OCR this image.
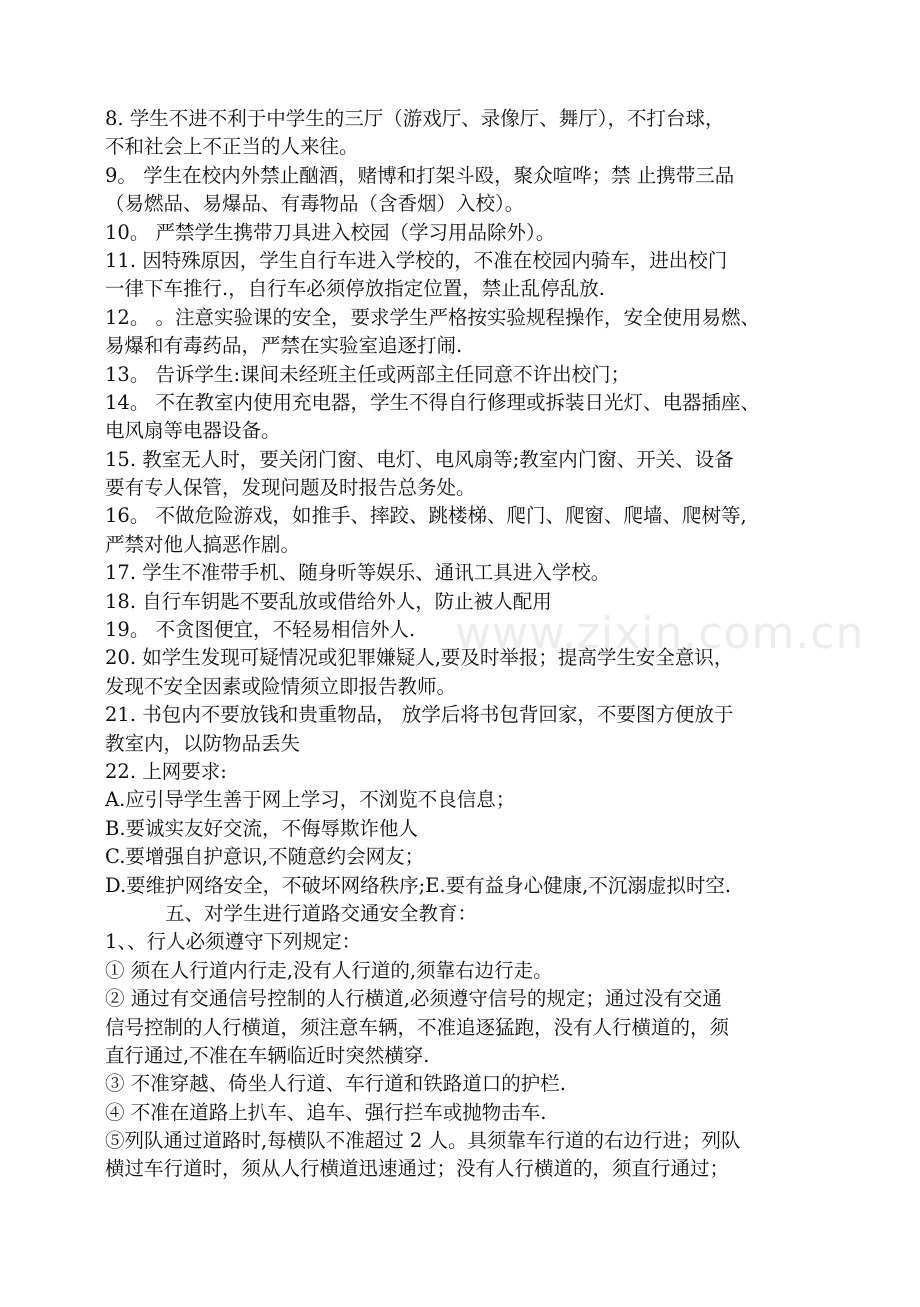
8. 学生不进不利于中学生的三厅（游戏厅、录像厅、舞厅），不打台球，
不和社会上不正当的人来往。
9。 学生在校内外禁止酗酒，赌博和打架斗殴，聚众喧哗；禁 止携带三品
（易燃品、易爆品、有毒物品（含香烟）入校）。
10。 严禁学生携带刀具进入校园（学习用品除外）。
11. 因特殊原因，学生自行车进入学校的，不准在校园内骑车，进出校门
一律下车推行.，自行车必须停放指定位置，禁止乱停乱放.
12。 。注意实验课的安全，要求学生严格按实验规程操作，安全使用易燃、
易爆和有毒药品，严禁在实验室追逐打闹.
13。 告诉学生:课间未经班主任或两部主任同意不许出校门；
14。 不在教室内使用充电器，学生不得自行修理或拆装日光灯、电器插座、
电风扇等电器设备。
15. 教室无人时，要关闭门窗、电灯、电风扇等;教室内门窗、开关、设备
要有专人保管，发现问题及时报告总务处。
16。 不做危险游戏，如推手、摔跤、跳楼梯、爬门、爬窗、爬墙、爬树等,
严禁对他人搞恶作剧。
17. 学生不准带手机、随身听等娱乐、通讯工具进入学校。
18. 自行车钥匙不要乱放或借给外人，防止被人配用
19。 不贪图便宜，不轻易相信外人.
20. 如学生发现可疑情况或犯罪嫌疑人,要及时举报；提高学生安全意识，
发现不安全因素或险情须立即报告教师。
21. 书包内不要放钱和贵重物品， 放学后将书包背回家，不要图方便放于
教室内，以防物品丢失
22. 上网要求:
A.应引导学生善于网上学习，不浏览不良信息；
B.要诚实友好交流，不侮辱欺诈他人
C.要增强自护意识,不随意约会网友；
D.要维护网络安全，不破坏网络秩序;E.要有益身心健康,不沉溺虚拟时空.
五、对学生进行道路交通安全教育：
1、、行人必须遵守下列规定：
① 须在人行道内行走,没有人行道的,须靠右边行走。
② 通过有交通信号控制的人行横道,必须遵守信号的规定；通过没有交通
信号控制的人行横道，须注意车辆，不准追逐猛跑，没有人行横道的，须
直行通过,不准在车辆临近时突然横穿.
③ 不准穿越、倚坐人行道、车行道和铁路道口的护栏.
④ 不准在道路上扒车、追车、强行拦车或抛物击车.
⑤列队通过道路时,每横队不准超过 2 人。具须靠车行道的右边行进；列队
横过车行道时，须从人行横道迅速通过；没有人行横道的，须直行通过；
www.zixin.com.cn
